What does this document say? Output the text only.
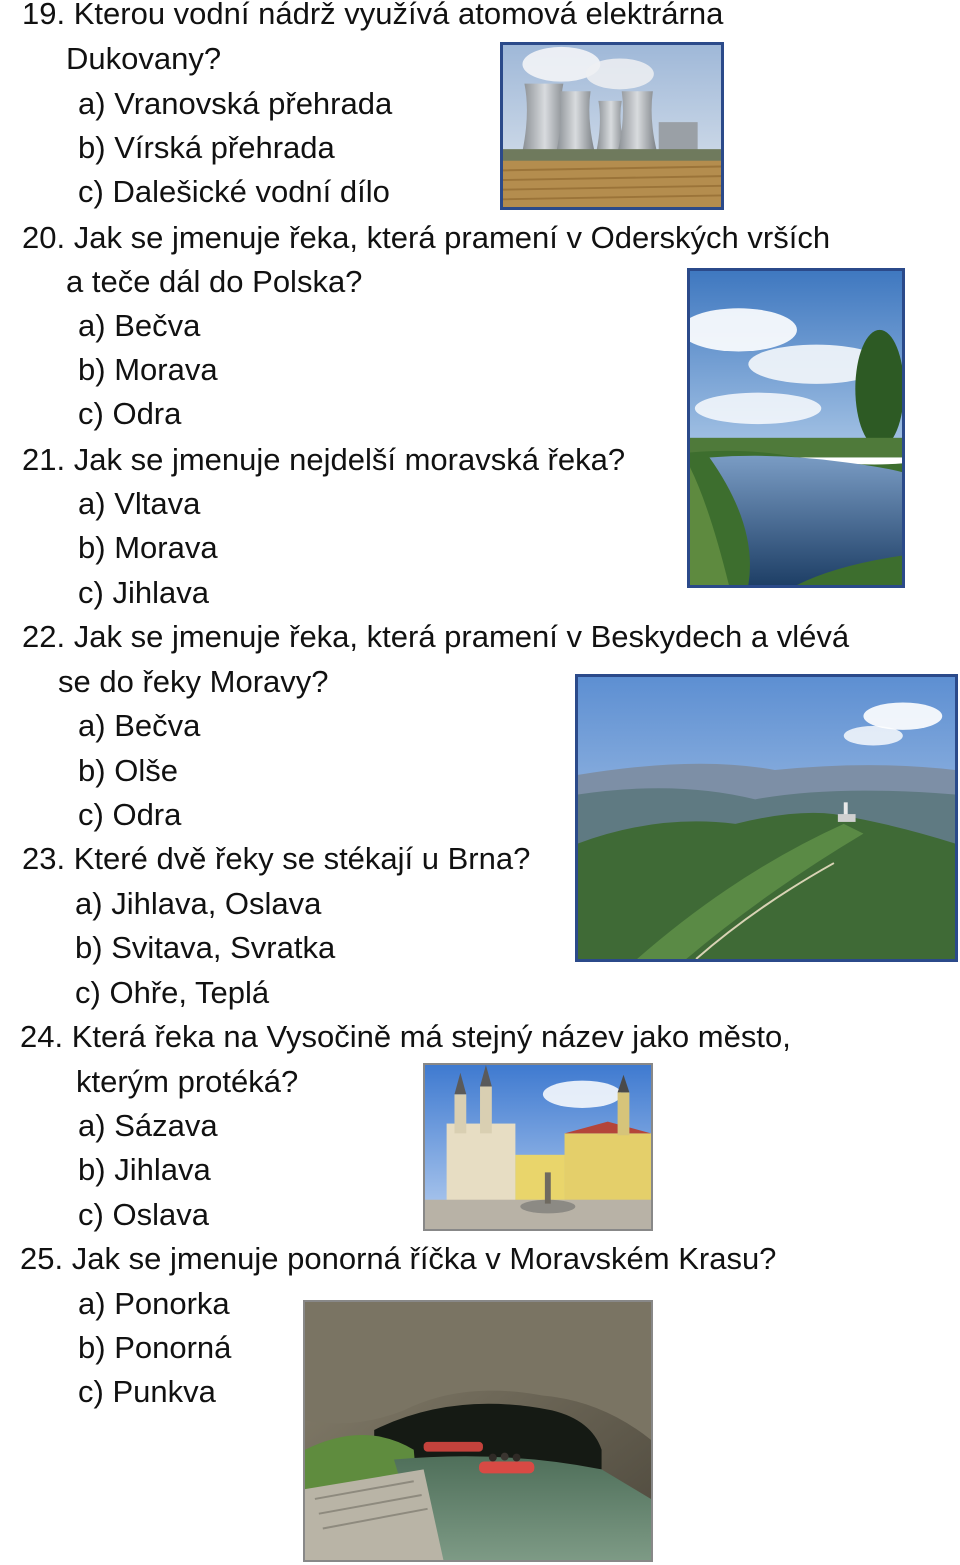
19. Kterou vodní nádrž využívá atomová elektrárna
Dukovany?
a) Vranovská přehrada
b) Vírská přehrada
c) Dalešické vodní dílo
20. Jak se jmenuje řeka, která pramení v Oderských vrších
a teče dál do Polska?
a) Bečva
b) Morava
c) Odra
21. Jak se jmenuje nejdelší moravská řeka?
a) Vltava
b) Morava
c) Jihlava
22. Jak se jmenuje řeka, která pramení v Beskydech a vlévá
se do řeky Moravy?
a) Bečva
b) Olše
c) Odra
23. Které dvě řeky se stékají u Brna?
a) Jihlava, Oslava
b) Svitava, Svratka
c) Ohře, Teplá
24. Která řeka na Vysočině má stejný název jako město,
kterým protéká?
a) Sázava
b) Jihlava
c) Oslava
25. Jak se jmenuje ponorná říčka v Moravském Krasu?
a) Ponorka
b) Ponorná
c) Punkva
